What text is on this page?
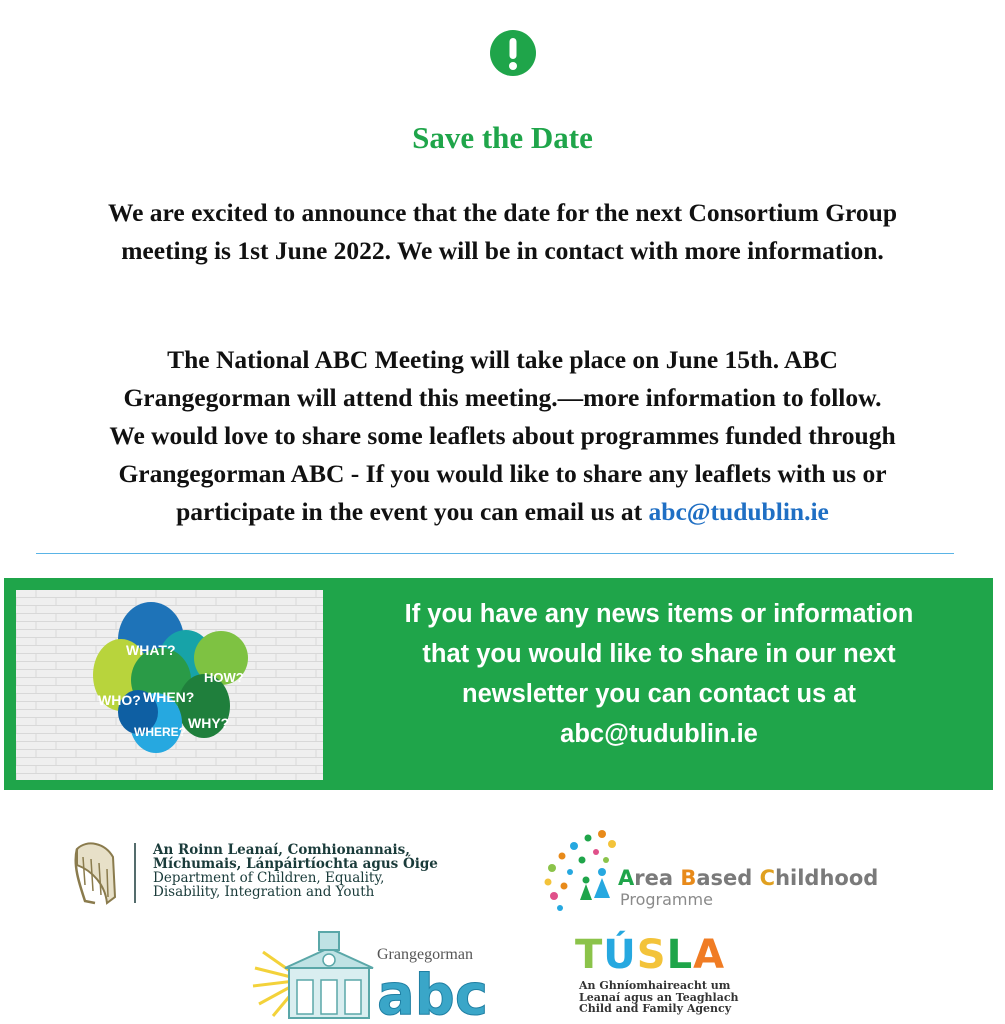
Save the Date
We are excited to announce that the date for the next Consortium Group
meeting is 1st June 2022. We will be in contact with more information.
The National ABC Meeting will take place on June 15th. ABC
Grangegorman will attend this meeting.—more information to follow.
We would love to share some leaflets about programmes funded through
Grangegorman ABC - If you would like to share any leaflets with us or
participate in the event you can email us at abc@tudublin.ie
WHAT?
HOW?
WHO? WHEN?
WHERE?
WHY?
If you have any news items or information
that you would like to share in our next
newsletter you can contact us at
abc@tudublin.ie
An Roinn Leanaí, Comhionannais,
Míchumais, Lánpáirtíochta agus Óige
Department of Children, Equality,
Disability, Integration and Youth
Area Based Childhood
Programme
abc
Grangegorman	TÚSLA
An Ghníomhaireacht um
Leanaí agus an Teaghlach
Child and Family Agency
